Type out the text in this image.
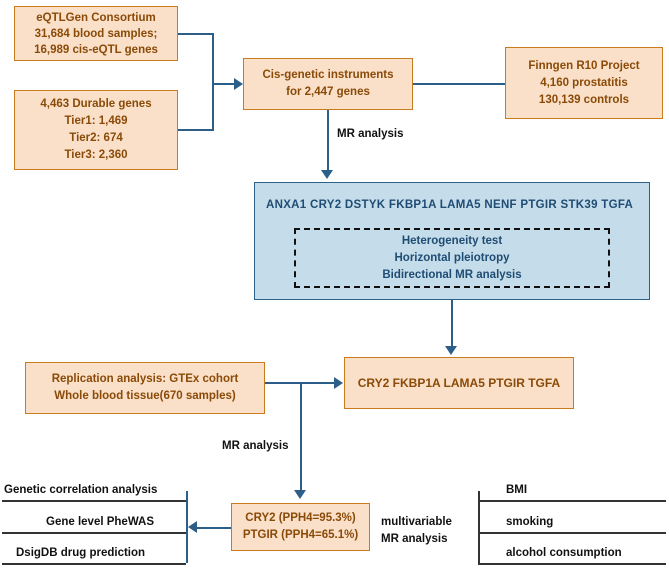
eQTLGen Consortium
31,684 blood samples;
16,989 cis-eQTL genes
4,463 Durable genes
Tier1: 1,469
Tier2: 674
Tier3: 2,360
Cis-genetic instruments
for 2,447 genes
Finngen R10 Project
4,160 prostatitis
130,139 controls
MR analysis
ANXA1 CRY2 DSTYK FKBP1A LAMA5 NENF PTGIR STK39 TGFA
Heterogeneity test
Horizontal pleiotropy
Bidirectional MR analysis
Replication analysis: GTEx cohort
Whole blood tissue(670 samples)
CRY2 FKBP1A LAMA5 PTGIR TGFA
MR analysis
CRY2 (PPH4=95.3%)
PTGIR (PPH4=65.1%)
Genetic correlation analysis
Gene level PheWAS
DsigDB drug prediction
multivariable
MR analysis
BMI
smoking
alcohol consumption
